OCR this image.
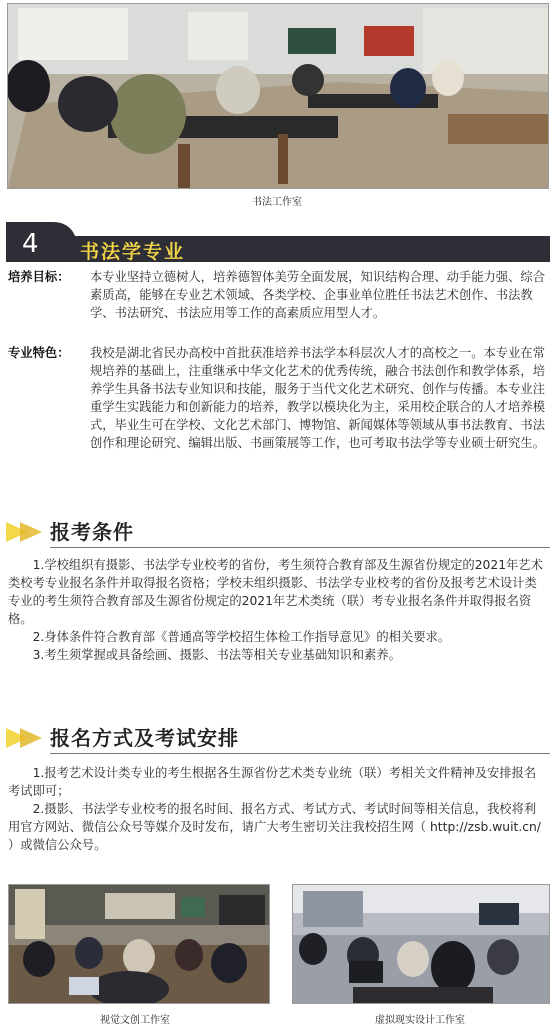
书法工作室
4 书法学专业
培养目标：	本专业坚持立德树人，培养德智体美劳全面发展，知识结构合理、动手能力强、综合素质高，能够在专业艺术领域、各类学校、企事业单位胜任书法艺术创作、书法教学、书法研究、书法应用等工作的高素质应用型人才。
专业特色：	我校是湖北省民办高校中首批获准培养书法学本科层次人才的高校之一。本专业在常规培养的基础上，注重继承中华文化艺术的优秀传统，融合书法创作和教学体系，培养学生具备书法专业知识和技能，服务于当代文化艺术研究、创作与传播。本专业注重学生实践能力和创新能力的培养，教学以模块化为主，采用校企联合的人才培养模式，毕业生可在学校、文化艺术部门、博物馆、新闻媒体等领域从事书法教育、书法创作和理论研究、编辑出版、书画策展等工作，也可考取书法学等专业硕士研究生。
报考条件

1.学校组织有摄影、书法学专业校考的省份，考生须符合教育部及生源省份规定的2021年艺术类校考专业报名条件并取得报名资格；学校未组织摄影、书法学专业校考的省份及报考艺术设计类专业的考生须符合教育部及生源省份规定的2021年艺术类统（联）考专业报名条件并取得报名资格。

2.身体条件符合教育部《普通高等学校招生体检工作指导意见》的相关要求。

3.考生须掌握或具备绘画、摄影、书法等相关专业基础知识和素养。

报名方式及考试安排

1.报考艺术设计类专业的考生根据各生源省份艺术类专业统（联）考相关文件精神及安排报名考试即可；

2.摄影、书法学专业校考的报名时间、报名方式、考试方式、考试时间等相关信息，我校将利用官方网站、微信公众号等媒介及时发布，请广大考生密切关注我校招生网（ http://zsb.wuit.cn/ ）或微信公众号。

视觉文创工作室	虚拟现实设计工作室
